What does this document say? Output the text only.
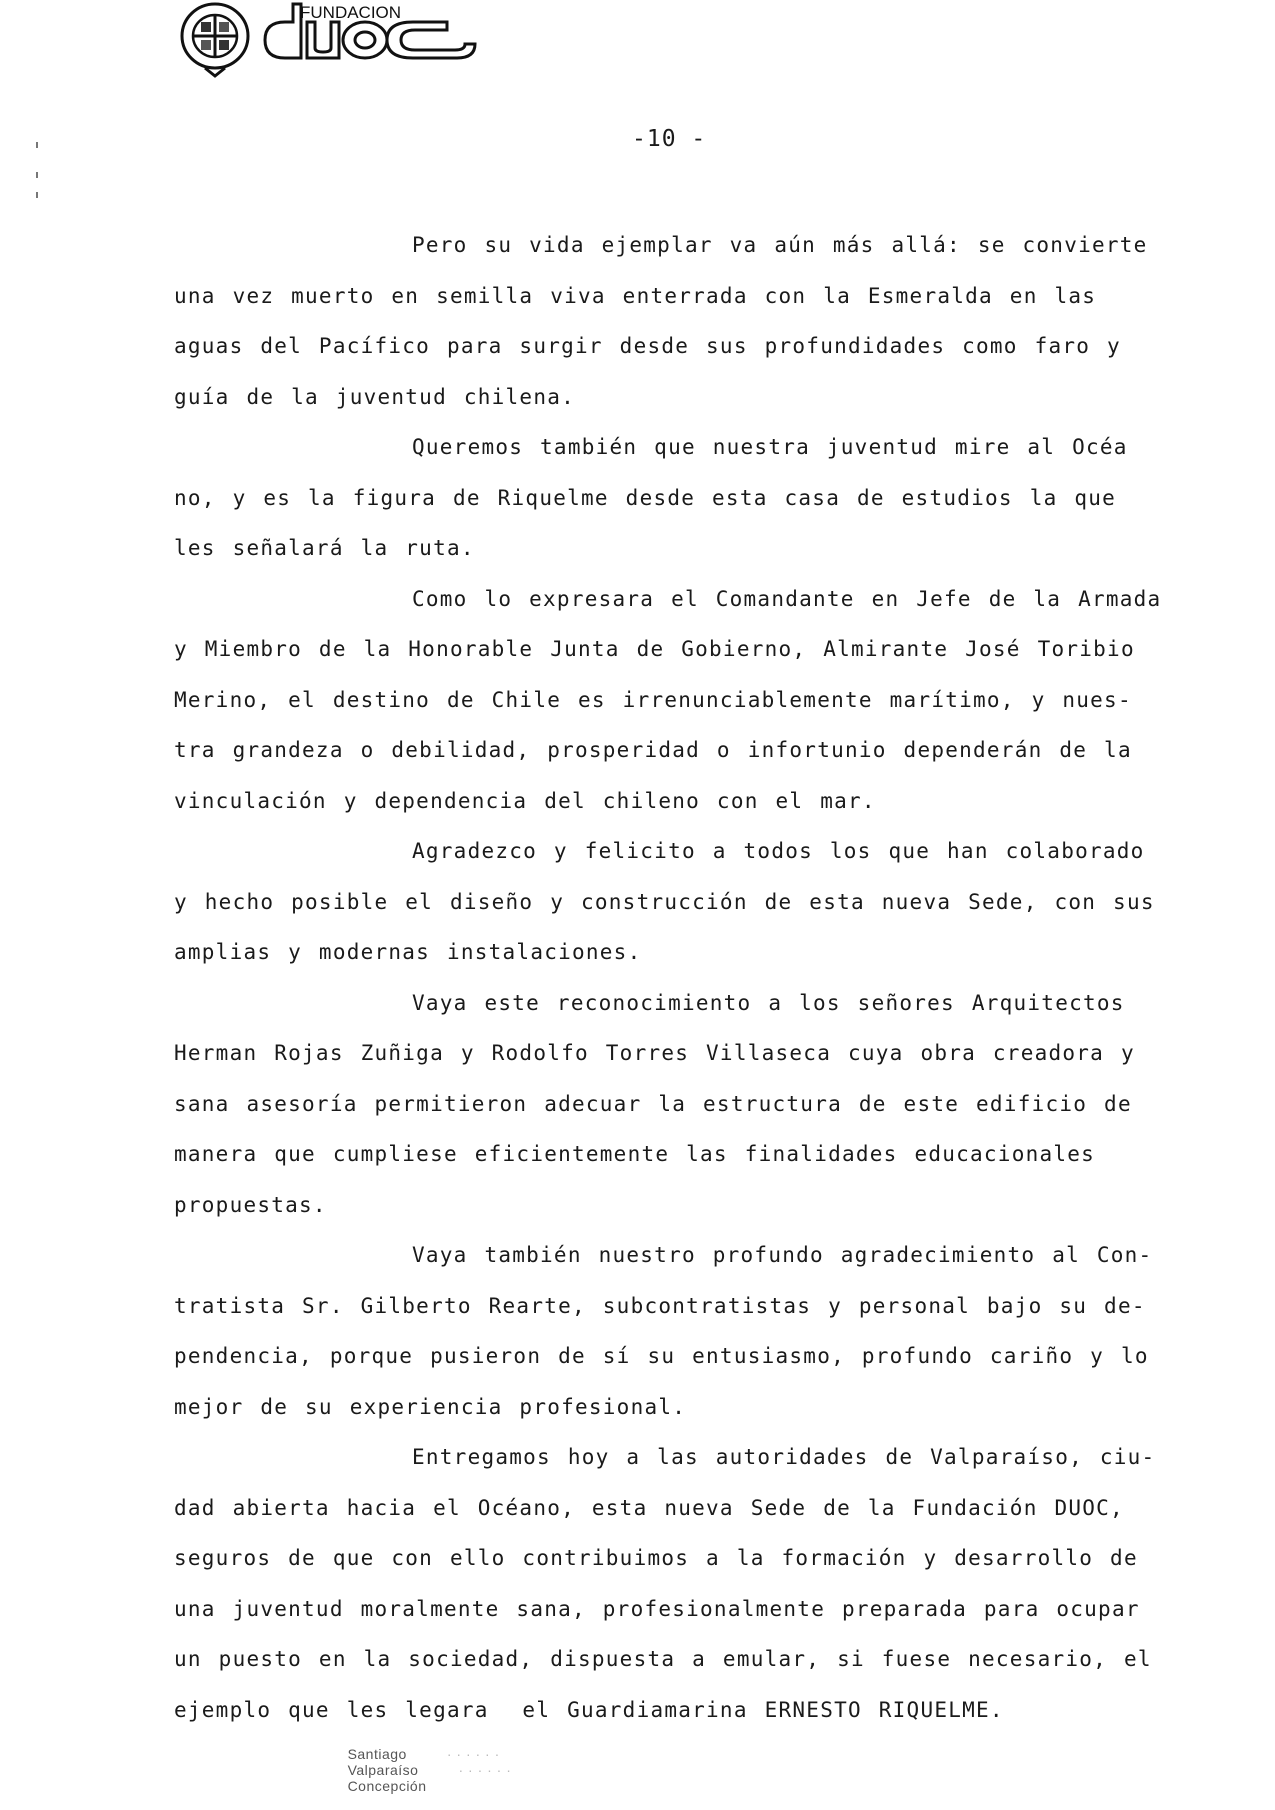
FUNDACION
-10 -
Pero su vida ejemplar va aún más allá: se convierte
una vez muerto en semilla viva enterrada con la Esmeralda en las
aguas del Pacífico para surgir desde sus profundidades como faro y
guía de la juventud chilena.
Queremos también que nuestra juventud mire al Océa
no, y es la figura de Riquelme desde esta casa de estudios la que
les señalará la ruta.
Como lo expresara el Comandante en Jefe de la Armada
y Miembro de la Honorable Junta de Gobierno, Almirante José Toribio
Merino, el destino de Chile es irrenunciablemente marítimo, y nues-
tra grandeza o debilidad, prosperidad o infortunio dependerán de la
vinculación y dependencia del chileno con el mar.
Agradezco y felicito a todos los que han colaborado
y hecho posible el diseño y construcción de esta nueva Sede, con sus
amplias y modernas instalaciones.
Vaya este reconocimiento a los señores Arquitectos
Herman Rojas Zuñiga y Rodolfo Torres Villaseca cuya obra creadora y
sana asesoría permitieron adecuar la estructura de este edificio de
manera que cumpliese eficientemente las finalidades educacionales
propuestas.
Vaya también nuestro profundo agradecimiento al Con-
tratista Sr. Gilberto Rearte, subcontratistas y personal bajo su de-
pendencia, porque pusieron de sí su entusiasmo, profundo cariño y lo
mejor de su experiencia profesional.
Entregamos hoy a las autoridades de Valparaíso, ciu-
dad abierta hacia el Océano, esta nueva Sede de la Fundación DUOC,
seguros de que con ello contribuimos a la formación y desarrollo de
una juventud moralmente sana, profesionalmente preparada para ocupar
un puesto en la sociedad, dispuesta a emular, si fuese necesario, el
ejemplo que les legara  el Guardiamarina ERNESTO RIQUELME.

Santiago	· · · · · ·
Valparaíso	· · · · · ·
Concepción
